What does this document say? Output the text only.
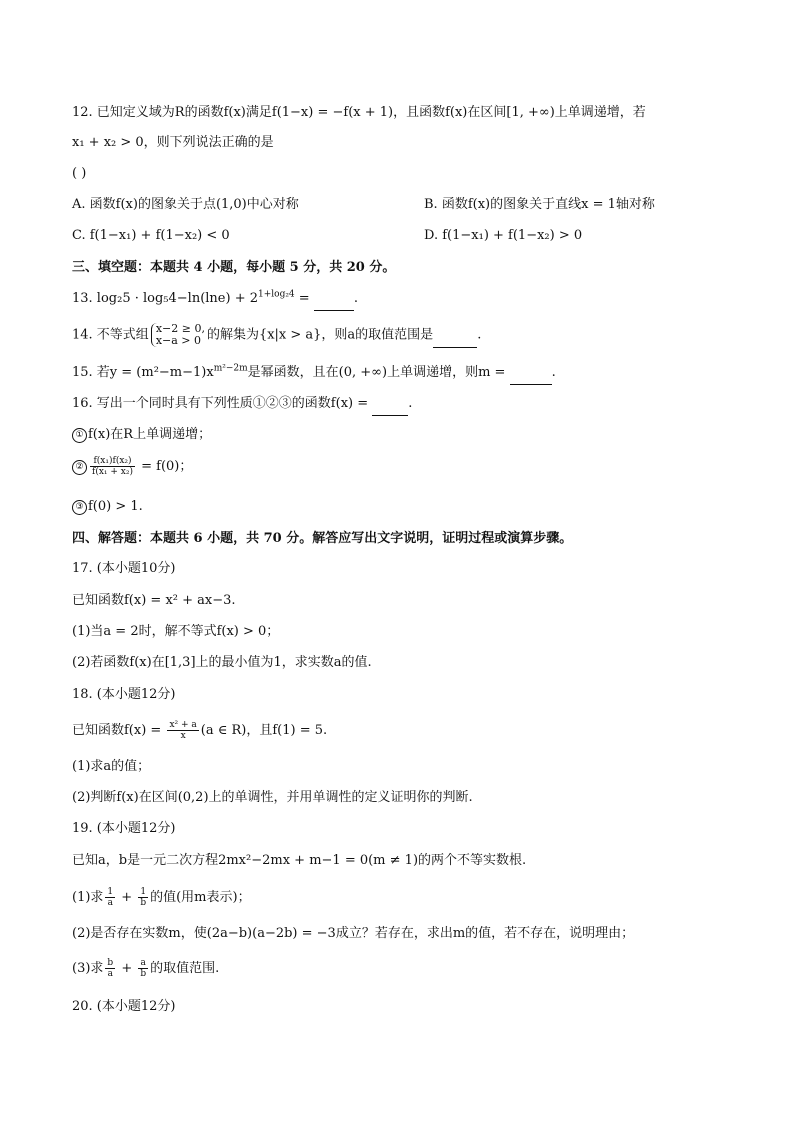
12. 已知定义域为R的函数f(x)满足f(1−x) = −f(x + 1)，且函数f(x)在区间[1, +∞)上单调递增，若
x₁ + x₂ > 0，则下列说法正确的是
( )
A. 函数f(x)的图象关于点(1,0)中心对称	B. 函数f(x)的图象关于直线x = 1轴对称
C. f(1−x₁) + f(1−x₂) < 0	D. f(1−x₁) + f(1−x₂) > 0
三、填空题：本题共 4 小题，每小题 5 分，共 20 分。
13. $\log_25 \cdot \log_54-\ln(\ln e) + 2^{1+log_24}$ =	.
14. 不等式组 x−2 ≥ 0,
x−a > 0 的解集为{x|x > a}，则a的取值范围是	.
15. 若$y = (m^2-m-1)x^{m^2-2m}$是幂函数，且在(0, +∞)上单调递增，则m =	.
16. 写出一个同时具有下列性质①②③的函数f(x) =	.
① f(x)在R上单调递增；
② $\frac{\text{f(x₁)f(x₂)}}{\text{f(x₁ + x₂)}} = f(0)$；
③ f(0) > 1.
四、解答题：本题共 6 小题，共 70 分。解答应写出文字说明，证明过程或演算步骤。
17. (本小题10分)
已知函数f(x) = x² + ax−3.
(1)当a = 2时，解不等式f(x) > 0；
(2)若函数f(x)在[1,3]上的最小值为1，求实数a的值.
18. (本小题12分)
已知函数$f(x) = \frac{\text{x² + a}}{x} (a$ ∈ R)，且f(1) = 5.
(1)求a的值；
(2)判断f(x)在区间(0,2)上的单调性，并用单调性的定义证明你的判断.
19. (本小题12分)
已知a，b是一元二次方程2mx²−2mx + m−1 = 0(m ≠ 1)的两个不等实数根.
(1)求 $\frac{1}{a} + \frac{1}{b}$ 的值(用m表示)；
(2)是否存在实数m，使(2a−b)(a−2b) = −3成立？若存在，求出m的值，若不存在，说明理由；
(3)求 $\frac{b}{a} + \frac{a}{b}$ 的取值范围.
20. (本小题12分)
